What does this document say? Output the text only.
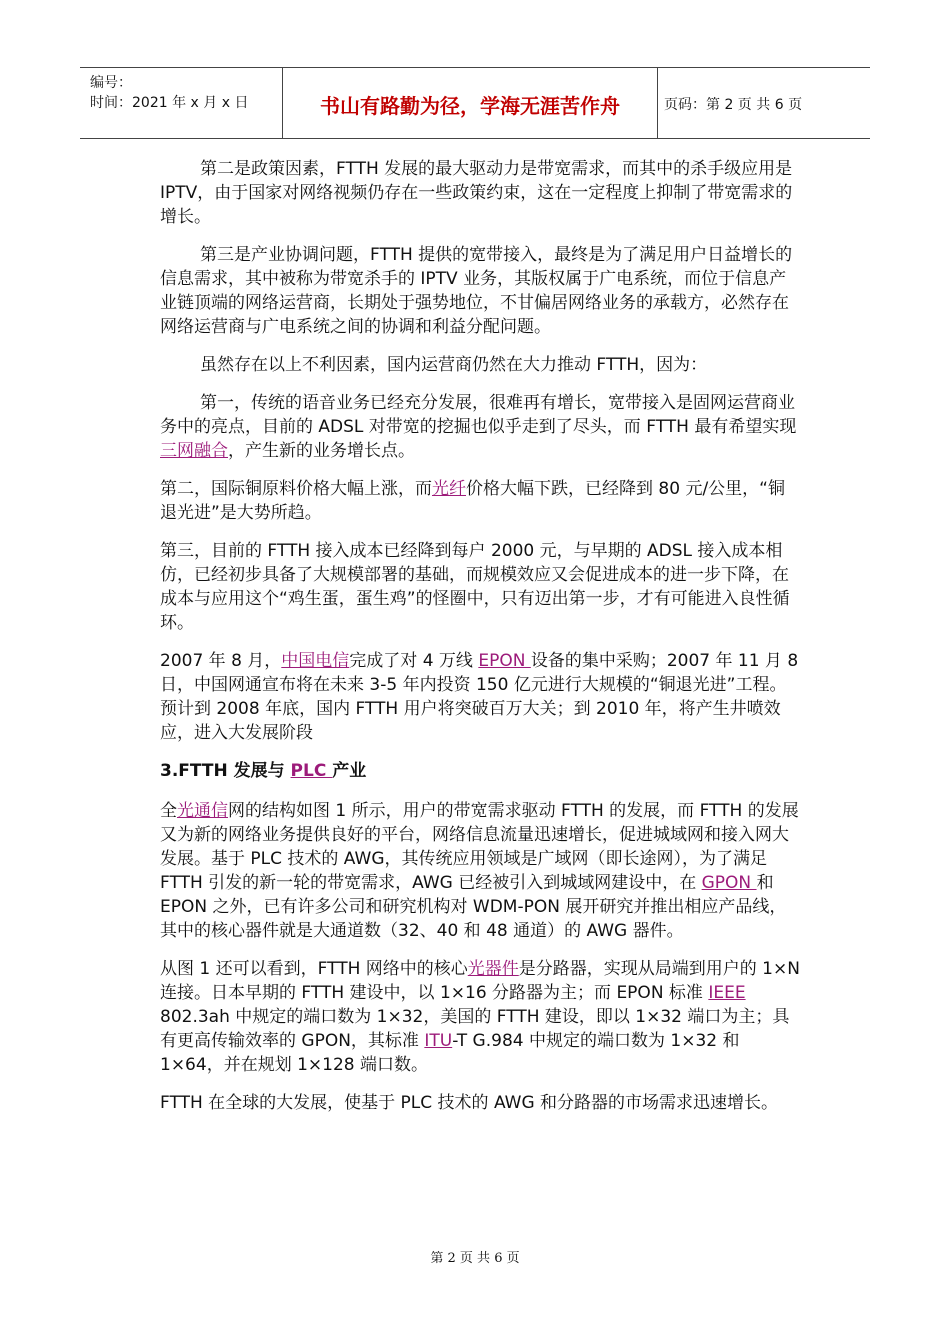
编号：
时间：2021 年 x 月 x 日	书山有路勤为径，学海无涯苦作舟	页码：第 2 页 共 6 页

第二是政策因素，FTTH 发展的最大驱动力是带宽需求，而其中的杀手级应用是 IPTV，由于国家对网络视频仍存在一些政策约束，这在一定程度上抑制了带宽需求的增长。

第三是产业协调问题，FTTH 提供的宽带接入，最终是为了满足用户日益增长的信息需求，其中被称为带宽杀手的 IPTV 业务，其版权属于广电系统，而位于信息产业链顶端的网络运营商，长期处于强势地位，不甘偏居网络业务的承载方，必然存在网络运营商与广电系统之间的协调和利益分配问题。

虽然存在以上不利因素，国内运营商仍然在大力推动 FTTH，因为：

第一，传统的语音业务已经充分发展，很难再有增长，宽带接入是固网运营商业务中的亮点，目前的 ADSL 对带宽的挖掘也似乎走到了尽头，而 FTTH 最有希望实现三网融合，产生新的业务增长点。

第二，国际铜原料价格大幅上涨，而光纤价格大幅下跌，已经降到 80 元/公里，“铜退光进”是大势所趋。

第三，目前的 FTTH 接入成本已经降到每户 2000 元，与早期的 ADSL 接入成本相仿，已经初步具备了大规模部署的基础，而规模效应又会促进成本的进一步下降，在成本与应用这个“鸡生蛋，蛋生鸡”的怪圈中，只有迈出第一步，才有可能进入良性循环。

2007 年 8 月，中国电信完成了对 4 万线 EPON 设备的集中采购；2007 年 11 月 8 日，中国网通宣布将在未来 3-5 年内投资 150 亿元进行大规模的“铜退光进”工程。预计到 2008 年底，国内 FTTH 用户将突破百万大关；到 2010 年，将产生井喷效应，进入大发展阶段

3.FTTH 发展与 PLC 产业

全光通信网的结构如图 1 所示，用户的带宽需求驱动 FTTH 的发展，而 FTTH 的发展又为新的网络业务提供良好的平台，网络信息流量迅速增长，促进城域网和接入网大发展。基于 PLC 技术的 AWG，其传统应用领域是广域网（即长途网），为了满足 FTTH 引发的新一轮的带宽需求，AWG 已经被引入到城域网建设中，在 GPON 和 EPON 之外，已有许多公司和研究机构对 WDM-PON 展开研究并推出相应产品线，其中的核心器件就是大通道数（32、40 和 48 通道）的 AWG 器件。

从图 1 还可以看到，FTTH 网络中的核心光器件是分路器，实现从局端到用户的 1×N 连接。日本早期的 FTTH 建设中，以 1×16 分路器为主；而 EPON 标准 IEEE 802.3ah 中规定的端口数为 1×32，美国的 FTTH 建设，即以 1×32 端口为主；具有更高传输效率的 GPON，其标准 ITU-T G.984 中规定的端口数为 1×32 和 1×64，并在规划 1×128 端口数。

FTTH 在全球的大发展，使基于 PLC 技术的 AWG 和分路器的市场需求迅速增长。

第 2 页 共 6 页
